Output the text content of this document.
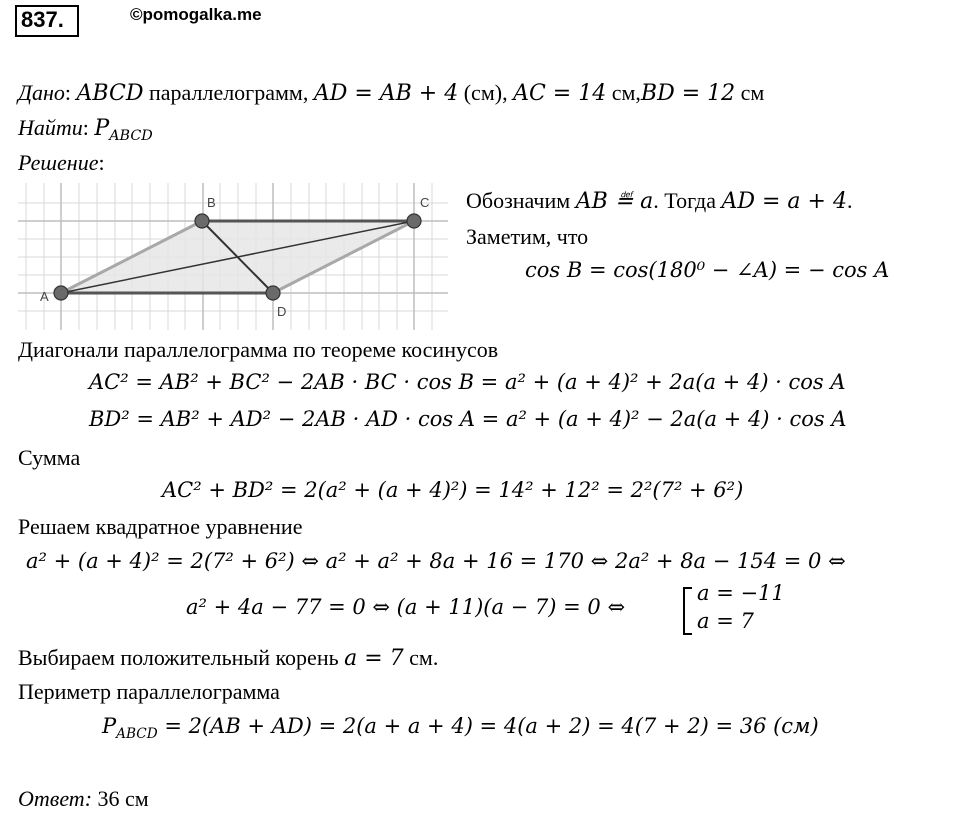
837.	©pomogalka.me
Дано: ABCD параллелограмм, AD = AB + 4 (см), AC = 14 см,BD = 12 см
Найти: $P_{ABCD}$
Решение:
A
B	C
D
Обозначим AB ≝ a. Тогда AD = a + 4.
Заметим, что
cos B = cos(180⁰ − ∠A) = − cos A
Диагонали параллелограмма по теореме косинусов
AC² = AB² + BC² − 2AB · BC · cos B = a² + (a + 4)² + 2a(a + 4) · cos A
BD² = AB² + AD² − 2AB · AD · cos A = a² + (a + 4)² − 2a(a + 4) · cos A
Сумма
AC² + BD² = 2(a² + (a + 4)²) = 14² + 12² = 2²(7² + 6²)
Решаем квадратное уравнение
a² + (a + 4)² = 2(7² + 6²) ⇔ a² + a² + 8a + 16 = 170 ⇔ 2a² + 8a − 154 = 0 ⇔
a² + 4a − 77 = 0 ⇔ (a + 11)(a − 7) = 0 ⇔
a = −11
a = 7
Выбираем положительный корень a = 7 см.
Периметр параллелограмма
$P_{ABCD} = 2(AB + AD) = 2(a + a + 4) = 4(a + 2) = 4(7 + 2) = 36$ (см)
Ответ: 36 см
